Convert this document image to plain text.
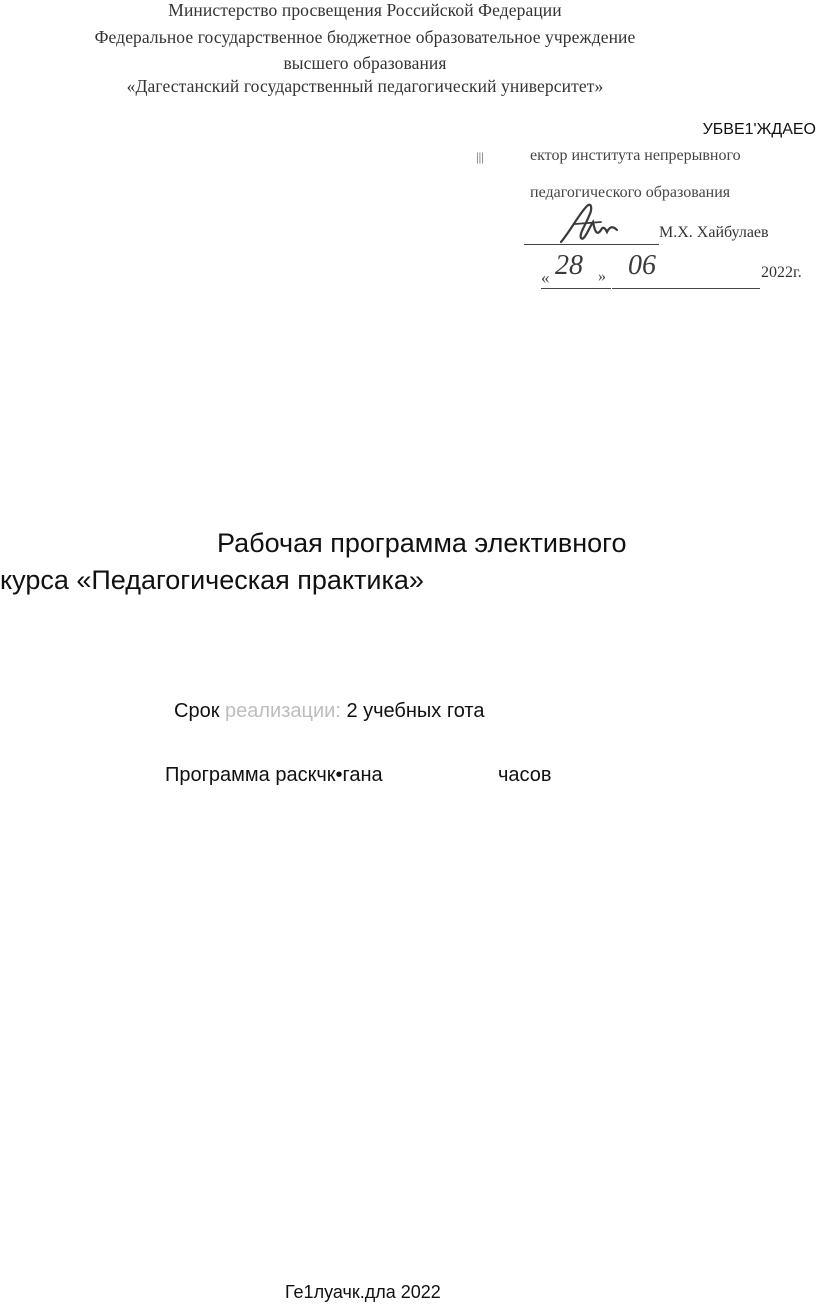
Министерство просвещения Российской Федерации
Федеральное государственное бюджетное образовательное учреждение
высшего образования
«Дагестанский государственный педагогический университет»
УБВЕ1'ЖДАЕО
|||	ектор института непрерывного
педагогического образования
М.Х. Хайбулаев
« 28 » 06	2022г.
Рабочая программа элективного
курса «Педагогическая практика»
Срок реализации: 2 учебных гота
Программа раскчк•гана	часов
Ге1луачк.дла 2022
